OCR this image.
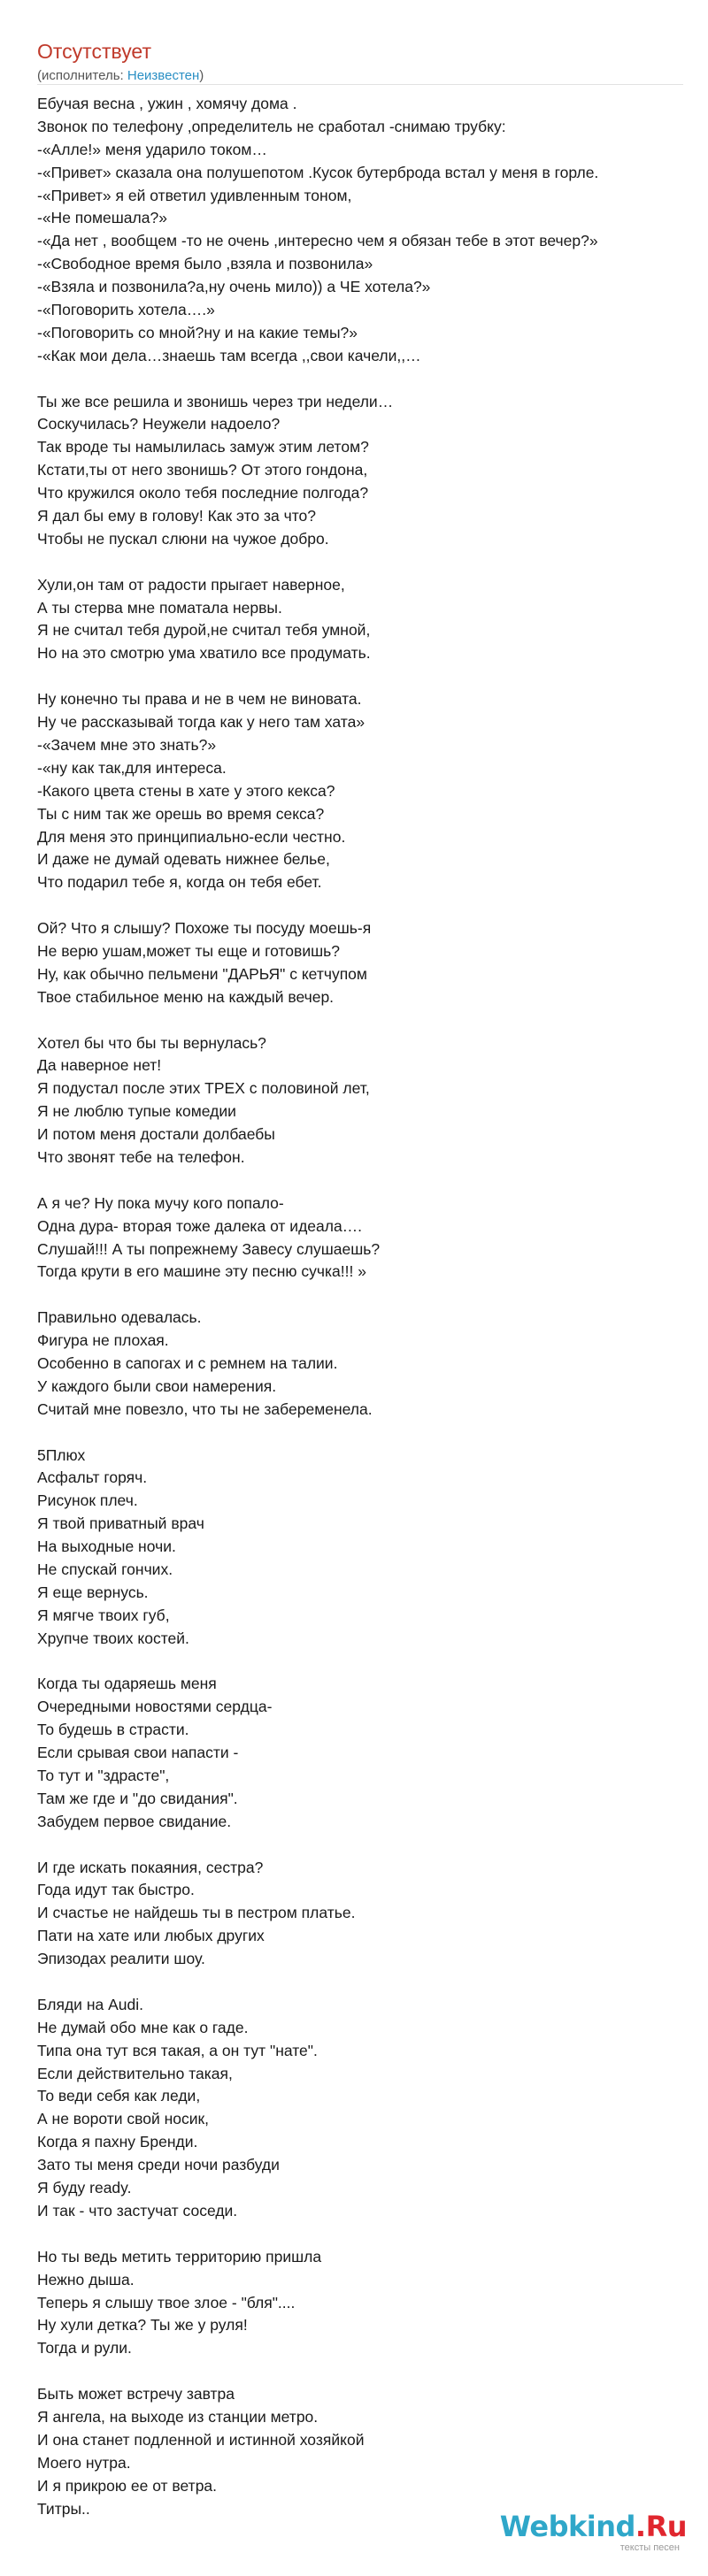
Отсутствует
(исполнитель: Неизвестен)
Ебучая весна , ужин , хомячу дома .
Звонок по телефону ,определитель не сработал -снимаю трубку:
-«Алле!» меня ударило током…
-«Привет» сказала она полушепотом .Кусок бутерброда встал у меня в горле.
-«Привет» я ей ответил удивленным тоном,
-«Не помешала?»
-«Да нет , вообщем -то не очень ,интересно чем я обязан тебе в этот вечер?»
-«Свободное время было ,взяла и позвонила»
-«Взяла и позвонила?а,ну очень мило)) а ЧЕ хотела?»
-«Поговорить хотела….»
-«Поговорить со мной?ну и на какие темы?»
-«Как мои дела…знаешь там всегда ,,свои качели,,…
Ты же все решила и звонишь через три недели…
Соскучилась? Неужели надоело?
Так вроде ты намылилась замуж этим летом?
Кстати,ты от него звонишь? От этого гондона,
Что кружился около тебя последние полгода?
Я дал бы ему в голову! Как это за что?
Чтобы не пускал слюни на чужое добро.
Хули,он там от радости прыгает наверное,
А ты стерва мне поматала нервы.
Я не считал тебя дурой,не считал тебя умной,
Но на это смотрю ума хватило все продумать.
Ну конечно ты права и не в чем не виновата.
Ну че рассказывай тогда как у него там хата»
-«Зачем мне это знать?»
-«ну как так,для интереса.
-Какого цвета стены в хате у этого кекса?
Ты с ним так же орешь во время секса?
Для меня это принципиально-если честно.
И даже не думай одевать нижнее белье,
Что подарил тебе я, когда он тебя ебет.
Ой? Что я слышу? Похоже ты посуду моешь-я
Не верю ушам,может ты еще и готовишь?
Ну, как обычно пельмени "ДАРЬЯ" с кетчупом
Твое стабильное меню на каждый вечер.
Хотел бы что бы ты вернулась?
Да наверное нет!
Я подустал после этих ТРЕХ с половиной лет,
Я не люблю тупые комедии
И потом меня достали долбаебы
Что звонят тебе на телефон.
А я че? Ну пока мучу кого попало-
Одна дура- вторая тоже далека от идеала….
Слушай!!! А ты попрежнему Завесу слушаешь?
Тогда крути в его машине эту песню сучка!!! »
Правильно одевалась.
Фигура не плохая.
Особенно в сапогах и с ремнем на талии.
У каждого были свои намерения.
Считай мне повезло, что ты не забеременела.
5Плюх
Асфальт горяч.
Рисунок плеч.
Я твой приватный врач
На выходные ночи.
Не спускай гончих.
Я еще вернусь.
Я мягче твоих губ,
Хрупче твоих костей.
Когда ты одаряешь меня
Очередными новостями сердца-
То будешь в страсти.
Если срывая свои напасти -
То тут и "здрасте",
Там же где и "до свидания".
Забудем первое свидание.
И где искать покаяния, сестра?
Года идут так быстро.
И счастье не найдешь ты в пестром платье.
Пати на хате или любых других
Эпизодах реалити шоу.
Бляди на Audi.
Не думай обо мне как о гаде.
Типа она тут вся такая, а он тут "нате".
Если действительно такая,
То веди себя как леди,
А не вороти свой носик,
Когда я пахну Бренди.
Зато ты меня среди ночи разбуди
Я буду ready.
И так - что застучат соседи.
Но ты ведь метить территорию пришла
Нежно дыша.
Теперь я слышу твое злое - "бля"....
Ну хули детка? Ты же у руля!
Тогда и рули.
Быть может встречу завтра
Я ангела, на выходе из станции метро.
И она станет подленной и истинной хозяйкой
Моего нутра.
И я прикрою ее от ветра.
Титры..
Webkind.Ru
тексты песен
